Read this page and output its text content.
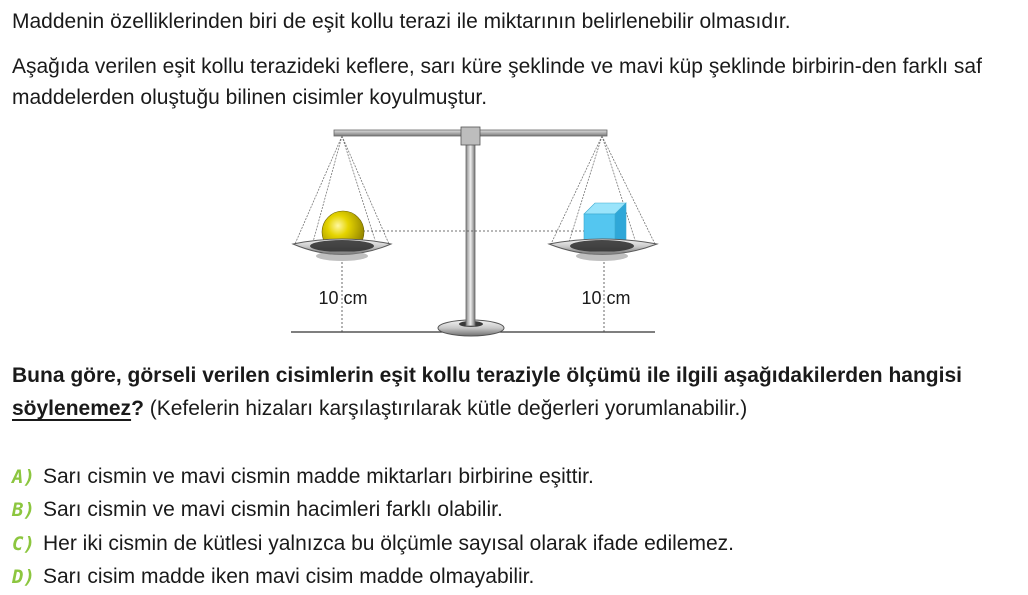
Maddenin özelliklerinden biri de eşit kollu terazi ile miktarının belirlenebilir olmasıdır.

Aşağıda verilen eşit kollu terazideki keflere, sarı küre şeklinde ve mavi küp şeklinde birbirin-den farklı saf maddelerden oluştuğu bilinen cisimler koyulmuştur.

10 cm	10 cm
Buna göre, görseli verilen cisimlerin eşit kollu teraziyle ölçümü ile ilgili aşağıdakilerden hangisi söylenemez? (Kefelerin hizaları karşılaştırılarak kütle değerleri yorumlanabilir.)
A) Sarı cismin ve mavi cismin madde miktarları birbirine eşittir.
B) Sarı cismin ve mavi cismin hacimleri farklı olabilir.
C) Her iki cismin de kütlesi yalnızca bu ölçümle sayısal olarak ifade edilemez.
D) Sarı cisim madde iken mavi cisim madde olmayabilir.
